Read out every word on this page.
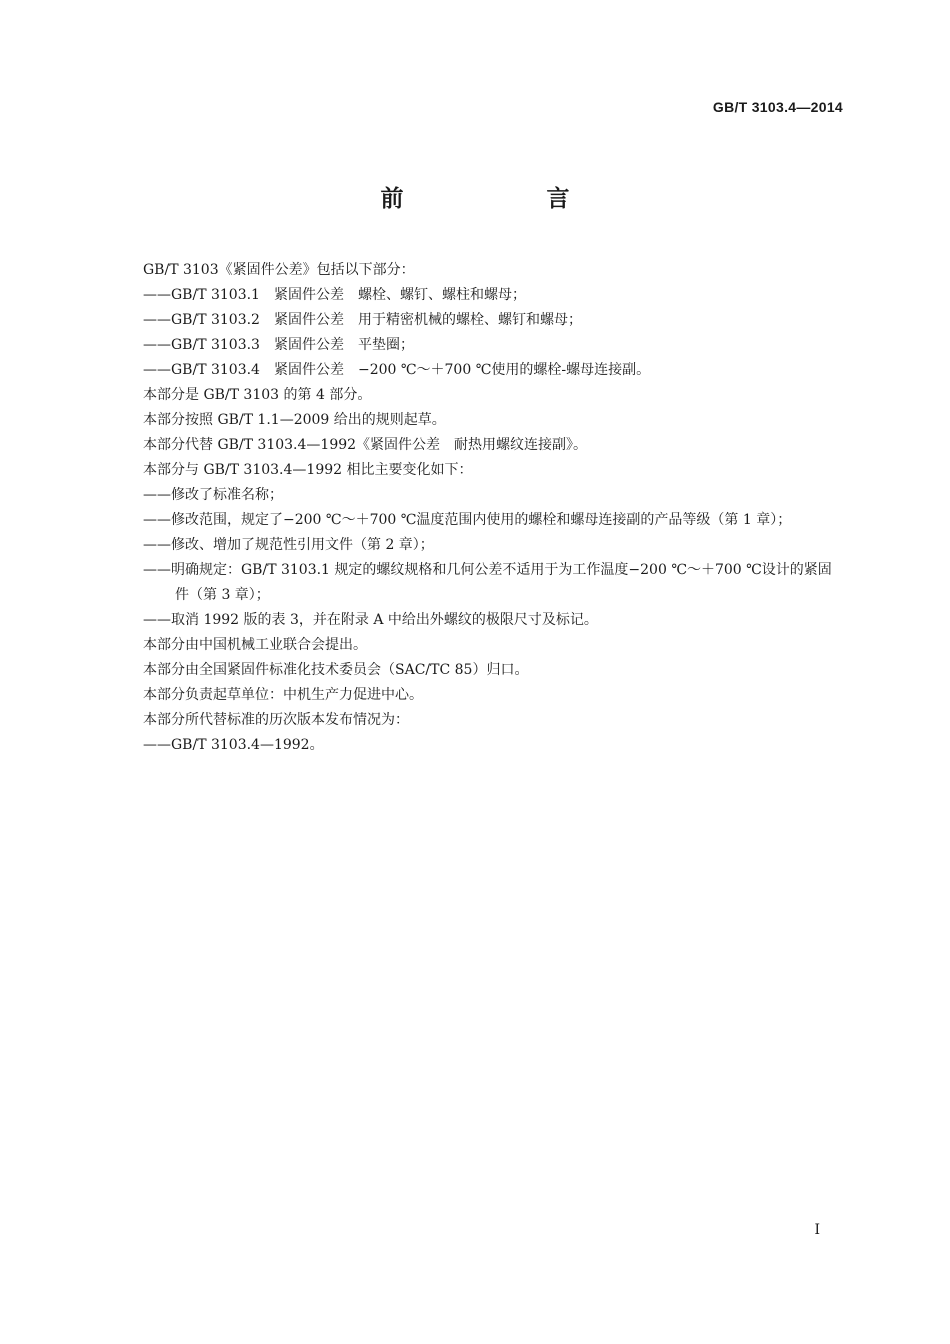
GB/T 3103.4—2014
前　言
GB/T 3103《紧固件公差》包括以下部分：
——GB/T 3103.1　紧固件公差　螺栓、螺钉、螺柱和螺母；
——GB/T 3103.2　紧固件公差　用于精密机械的螺栓、螺钉和螺母；
——GB/T 3103.3　紧固件公差　平垫圈；
——GB/T 3103.4　紧固件公差　−200 ℃～＋700 ℃使用的螺栓-螺母连接副。
本部分是 GB/T 3103 的第 4 部分。
本部分按照 GB/T 1.1—2009 给出的规则起草。
本部分代替 GB/T 3103.4—1992《紧固件公差　耐热用螺纹连接副》。
本部分与 GB/T 3103.4—1992 相比主要变化如下：
——修改了标准名称；
——修改范围，规定了−200 ℃～＋700 ℃温度范围内使用的螺栓和螺母连接副的产品等级（第 1 章）；
——修改、增加了规范性引用文件（第 2 章）；
——明确规定：GB/T 3103.1 规定的螺纹规格和几何公差不适用于为工作温度−200 ℃～＋700 ℃设计的紧固件（第 3 章）；
——取消 1992 版的表 3，并在附录 A 中给出外螺纹的极限尺寸及标记。
本部分由中国机械工业联合会提出。
本部分由全国紧固件标准化技术委员会（SAC/TC 85）归口。
本部分负责起草单位：中机生产力促进中心。
本部分所代替标准的历次版本发布情况为：
——GB/T 3103.4—1992。
I
